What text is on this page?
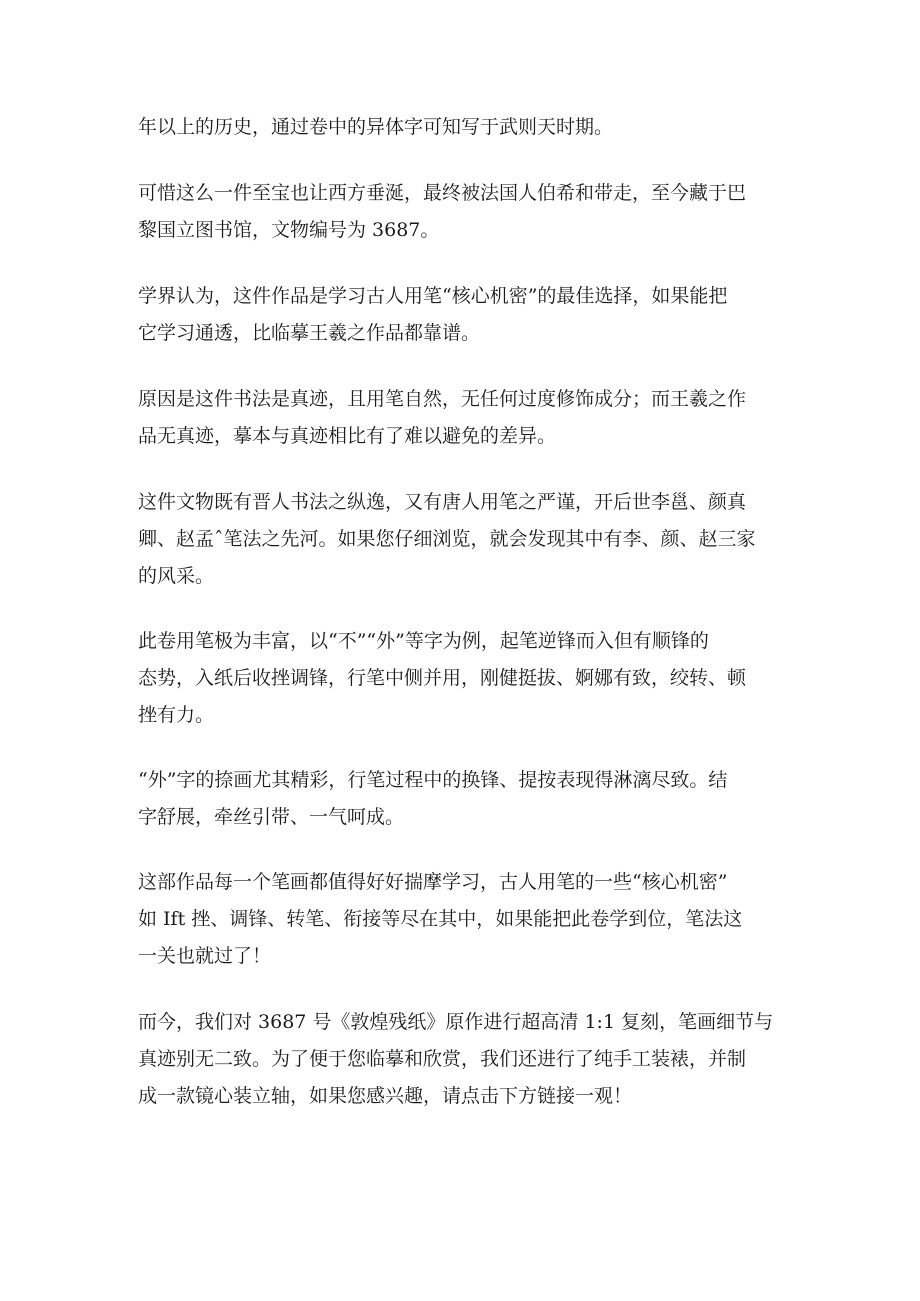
年以上的历史，通过卷中的异体字可知写于武则天时期。

可惜这么一件至宝也让西方垂涎，最终被法国人伯希和带走，至今藏于巴
黎国立图书馆，文物编号为 3687。

学界认为，这件作品是学习古人用笔“核心机密”的最佳选择，如果能把
它学习通透，比临摹王羲之作品都靠谱。

原因是这件书法是真迹，且用笔自然，无任何过度修饰成分；而王羲之作
品无真迹，摹本与真迹相比有了难以避免的差异。

这件文物既有晋人书法之纵逸，又有唐人用笔之严谨，开后世李邕、颜真
卿、赵孟ˆ笔法之先河。如果您仔细浏览，就会发现其中有李、颜、赵三家
的风采。

此卷用笔极为丰富，以“不”“外”等字为例，起笔逆锋而入但有顺锋的
态势，入纸后收挫调锋，行笔中侧并用，刚健挺拔、婀娜有致，绞转、顿
挫有力。

“外”字的捺画尤其精彩，行笔过程中的换锋、提按表现得淋漓尽致。结
字舒展，牵丝引带、一气呵成。

这部作品每一个笔画都值得好好揣摩学习，古人用笔的一些“核心机密”
如 Ift 挫、调锋、转笔、衔接等尽在其中，如果能把此卷学到位，笔法这
一关也就过了！

而今，我们对 3687 号《敦煌残纸》原作进行超高清 1:1 复刻，笔画细节与
真迹别无二致。为了便于您临摹和欣赏，我们还进行了纯手工装裱，并制
成一款镜心装立轴，如果您感兴趣，请点击下方链接一观！
